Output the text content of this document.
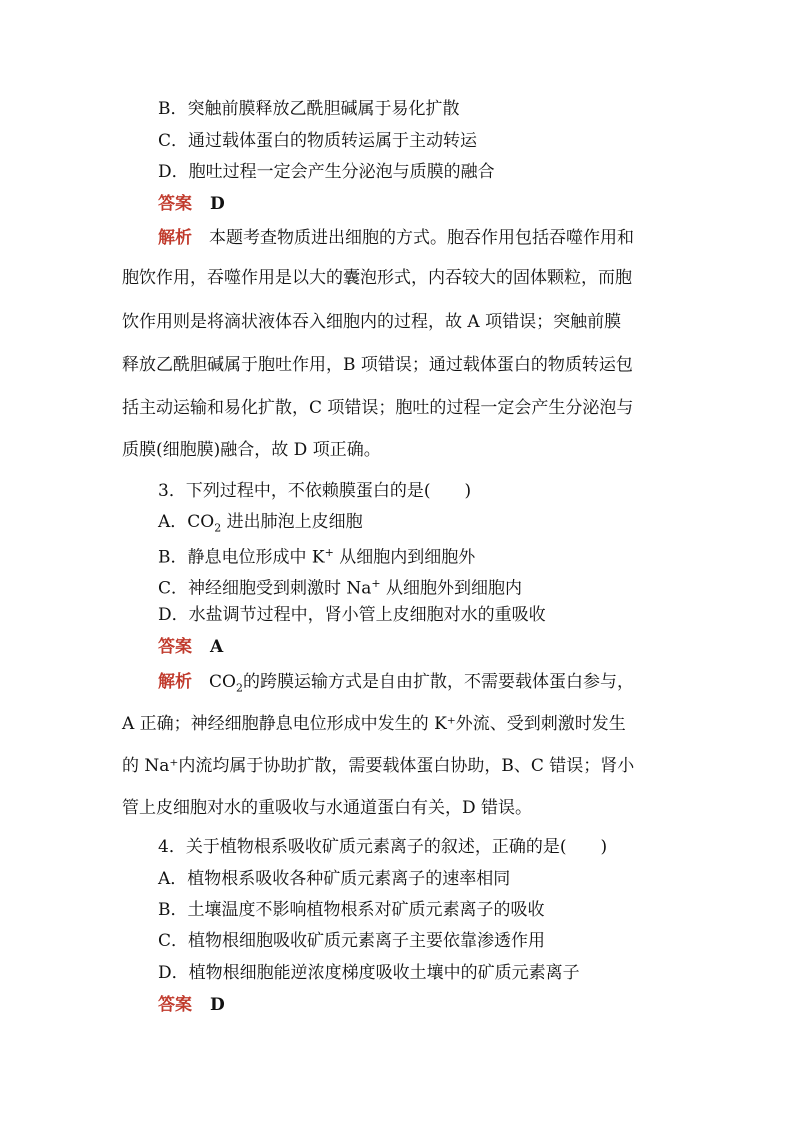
B．突触前膜释放乙酰胆碱属于易化扩散
C．通过载体蛋白的物质转运属于主动转运
D．胞吐过程一定会产生分泌泡与质膜的融合
答案 D
解析　 本题考查物质进出细胞的方式。胞吞作用包括吞噬作用和
胞饮作用，吞噬作用是以大的囊泡形式，内吞较大的固体颗粒，而胞
饮作用则是将滴状液体吞入细胞内的过程，故 A 项错误；突触前膜
释放乙酰胆碱属于胞吐作用，B 项错误；通过载体蛋白的物质转运包
括主动运输和易化扩散，C 项错误；胞吐的过程一定会产生分泌泡与
质膜(细胞膜)融合，故 D 项正确。
3．下列过程中，不依赖膜蛋白的是(　　)
A．$CO_2$ 进出肺泡上皮细胞
B．静息电位形成中 K+ 从细胞内到细胞外
C．神经细胞受到刺激时 Na+ 从细胞外到细胞内
D．水盐调节过程中，肾小管上皮细胞对水的重吸收
答案 A
解析　 $CO_2$的跨膜运输方式是自由扩散，不需要载体蛋白参与，
A 正确；神经细胞静息电位形成中发生的 K⁺外流、受到刺激时发生
的 Na⁺内流均属于协助扩散，需要载体蛋白协助，B、C 错误；肾小
管上皮细胞对水的重吸收与水通道蛋白有关，D 错误。
4．关于植物根系吸收矿质元素离子的叙述，正确的是(　　)
A．植物根系吸收各种矿质元素离子的速率相同
B．土壤温度不影响植物根系对矿质元素离子的吸收
C．植物根细胞吸收矿质元素离子主要依靠渗透作用
D．植物根细胞能逆浓度梯度吸收土壤中的矿质元素离子
答案 D
